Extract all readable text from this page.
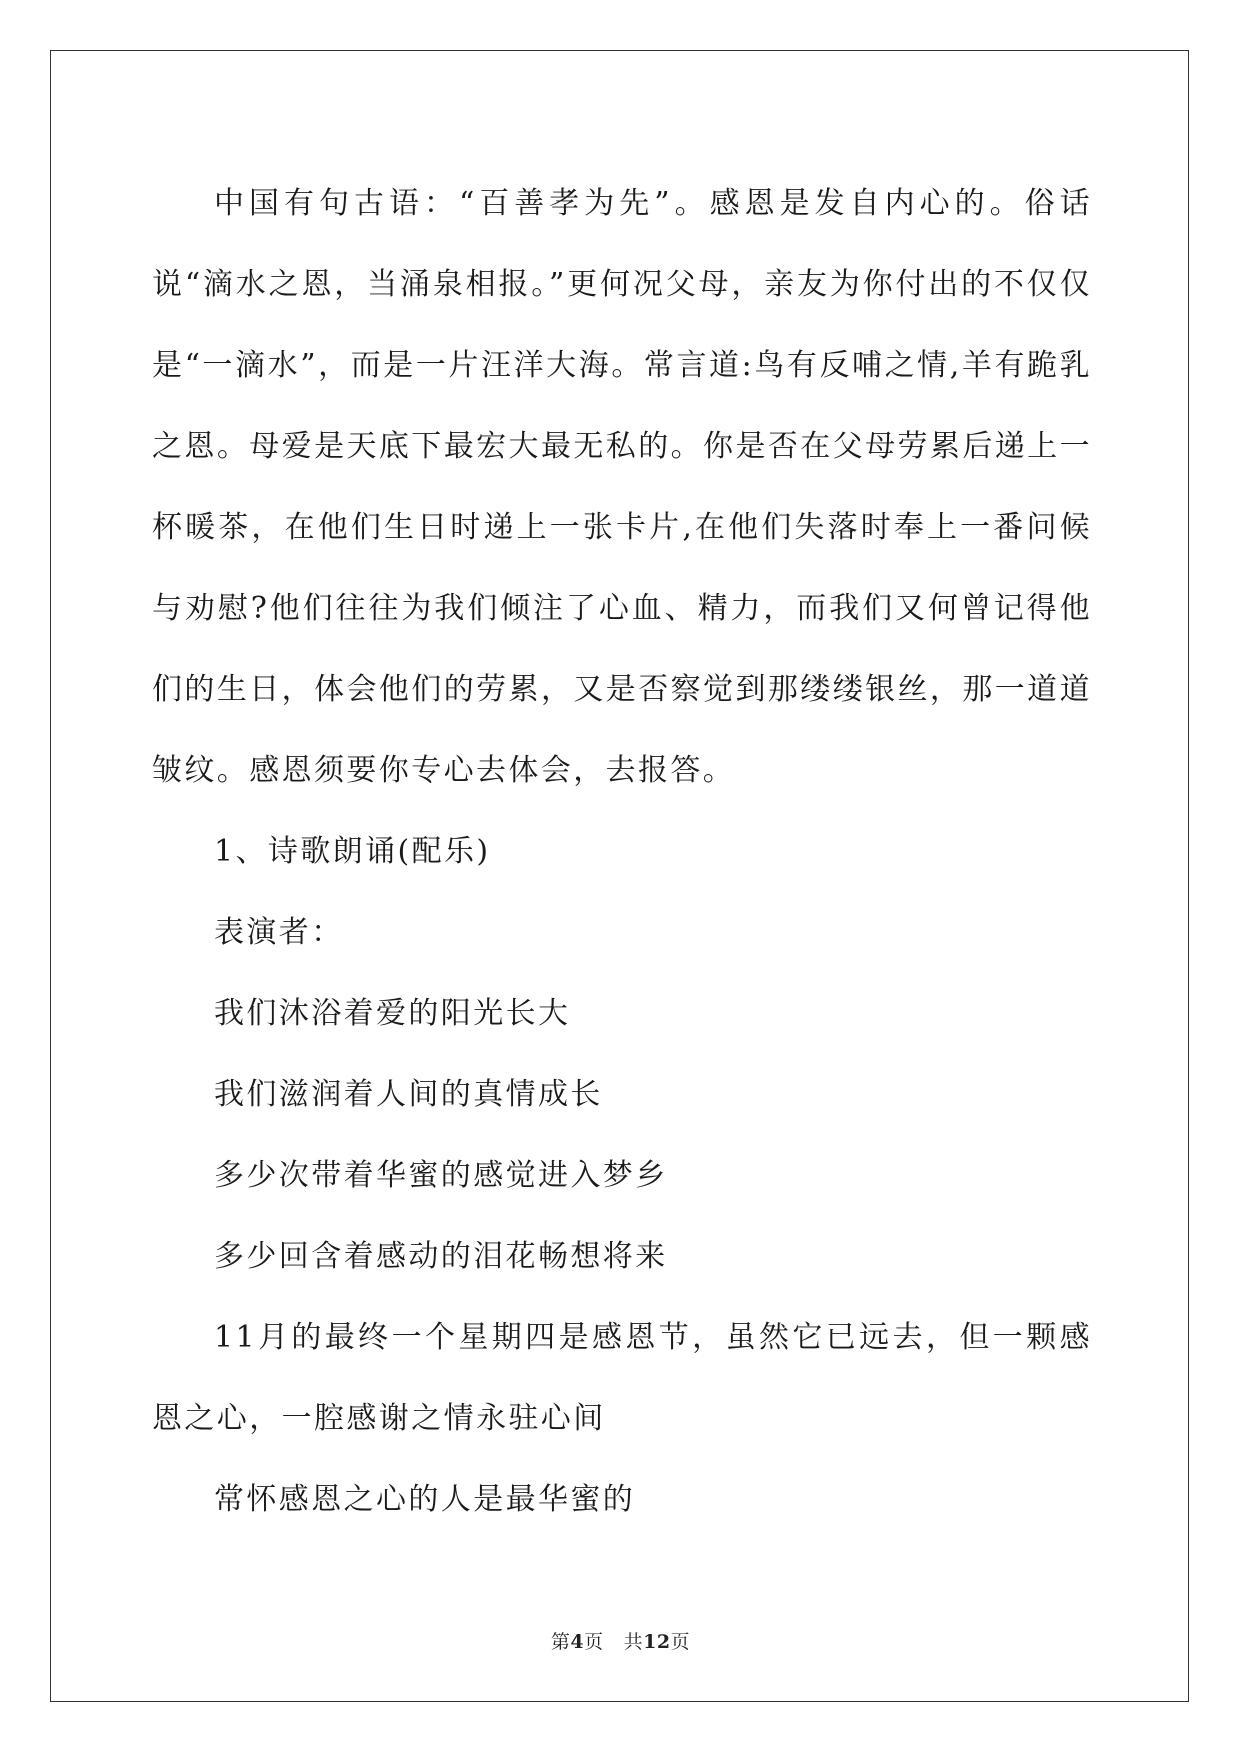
中国有句古语：“百善孝为先”。感恩是发自内心的。俗话说“滴水之恩，当涌泉相报。”更何况父母，亲友为你付出的不仅仅是“一滴水”，而是一片汪洋大海。常言道:鸟有反哺之情,羊有跪乳之恩。母爱是天底下最宏大最无私的。你是否在父母劳累后递上一杯暖茶，在他们生日时递上一张卡片,在他们失落时奉上一番问候与劝慰?他们往往为我们倾注了心血、精力，而我们又何曾记得他们的生日，体会他们的劳累，又是否察觉到那缕缕银丝，那一道道皱纹。感恩须要你专心去体会，去报答。

1、诗歌朗诵(配乐)

表演者：

我们沐浴着爱的阳光长大

我们滋润着人间的真情成长

多少次带着华蜜的感觉进入梦乡

多少回含着感动的泪花畅想将来

11月的最终一个星期四是感恩节，虽然它已远去，但一颗感恩之心，一腔感谢之情永驻心间

常怀感恩之心的人是最华蜜的

第4页 共12页
